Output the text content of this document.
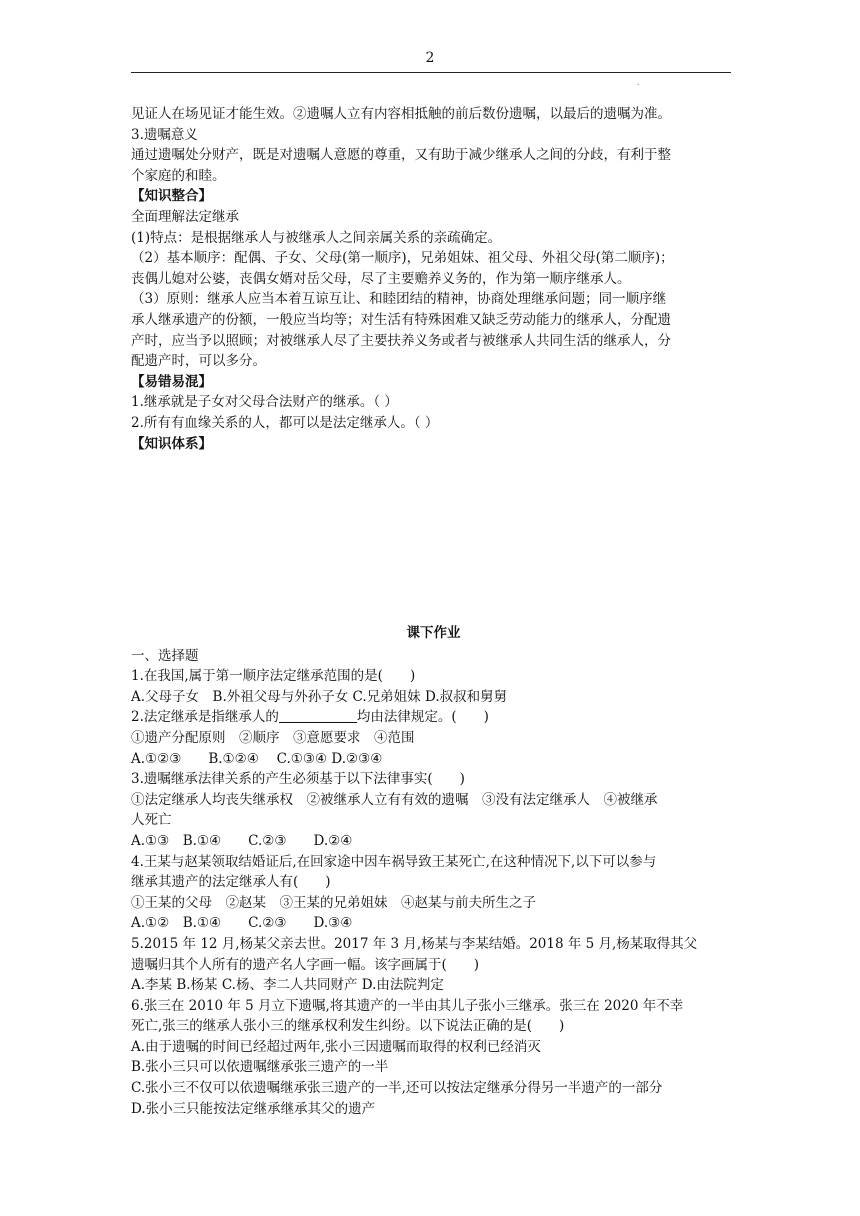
2
.

见证人在场见证才能生效。②遗嘱人立有内容相抵触的前后数份遗嘱，以最后的遗嘱为准。

3.遗嘱意义

通过遗嘱处分财产，既是对遗嘱人意愿的尊重，又有助于减少继承人之间的分歧，有利于整

个家庭的和睦。

【知识整合】

全面理解法定继承

(1)特点：是根据继承人与被继承人之间亲属关系的亲疏确定。

（2）基本顺序：配偶、子女、父母(第一顺序)，兄弟姐妹、祖父母、外祖父母(第二顺序)；

丧偶儿媳对公婆，丧偶女婿对岳父母，尽了主要赡养义务的，作为第一顺序继承人。

（3）原则：继承人应当本着互谅互让、和睦团结的精神，协商处理继承问题；同一顺序继

承人继承遗产的份额，一般应当均等；对生活有特殊困难又缺乏劳动能力的继承人，分配遗

产时，应当予以照顾；对被继承人尽了主要扶养义务或者与被继承人共同生活的继承人，分

配遗产时，可以多分。

【易错易混】

1.继承就是子女对父母合法财产的继承。（ ）

2.所有有血缘关系的人，都可以是法定继承人。（ ）

【知识体系】

课下作业

一、选择题

1.在我国,属于第一顺序法定继承范围的是(　　)

A.父母子女　B.外祖父母与外孙子女 C.兄弟姐妹 D.叔叔和舅舅

2.法定继承是指继承人的	均由法律规定。(　　)

①遗产分配原则　②顺序　③意愿要求　④范围

A.①②③　　B.①②④　 C.①③④ D.②③④

3.遗嘱继承法律关系的产生必须基于以下法律事实(　　)

①法定继承人均丧失继承权　②被继承人立有有效的遗嘱　③没有法定继承人　④被继承

人死亡

A.①③　B.①④　　C.②③　　D.②④

4.王某与赵某领取结婚证后,在回家途中因车祸导致王某死亡,在这种情况下,以下可以参与

继承其遗产的法定继承人有(　　)

①王某的父母　②赵某　③王某的兄弟姐妹　④赵某与前夫所生之子

A.①②　B.①④　　C.②③　　D.③④

5.2015 年 12 月,杨某父亲去世。2017 年 3 月,杨某与李某结婚。2018 年 5 月,杨某取得其父

遗嘱归其个人所有的遗产名人字画一幅。该字画属于(　　)

A.李某 B.杨某 C.杨、李二人共同财产 D.由法院判定

6.张三在 2010 年 5 月立下遗嘱,将其遗产的一半由其儿子张小三继承。张三在 2020 年不幸

死亡,张三的继承人张小三的继承权利发生纠纷。以下说法正确的是(　　)

A.由于遗嘱的时间已经超过两年,张小三因遗嘱而取得的权利已经消灭

B.张小三只可以依遗嘱继承张三遗产的一半

C.张小三不仅可以依遗嘱继承张三遗产的一半,还可以按法定继承分得另一半遗产的一部分

D.张小三只能按法定继承继承其父的遗产
